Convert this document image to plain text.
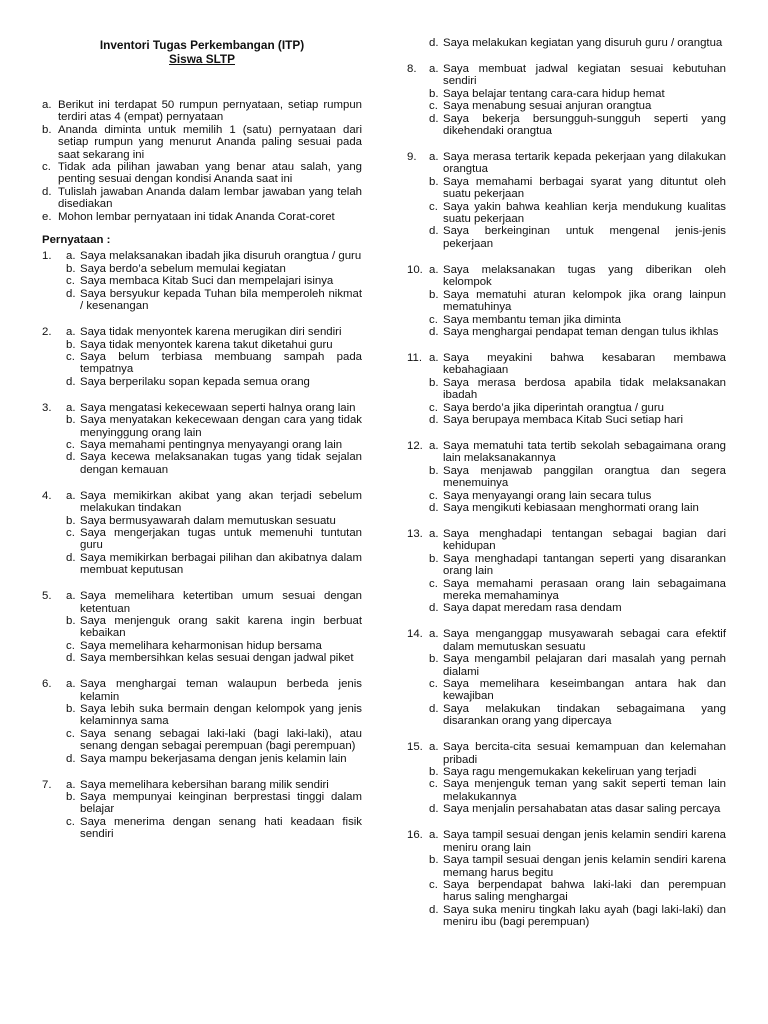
Inventori Tugas Perkembangan (ITP)
Siswa SLTP
a. Berikut ini terdapat 50 rumpun pernyataan, setiap rumpun terdiri atas 4 (empat) pernyataan
b. Ananda diminta untuk memilih 1 (satu) pernyataan dari setiap rumpun yang menurut Ananda paling sesuai pada saat sekarang ini
c. Tidak ada pilihan jawaban yang benar atau salah, yang penting sesuai dengan kondisi Ananda saat ini
d. Tulislah jawaban Ananda dalam lembar jawaban yang telah disediakan
e. Mohon lembar pernyataan ini tidak Ananda Corat-coret
Pernyataan :
1.	a. Saya melaksanakan ibadah jika disuruh orangtua / guru
b. Saya berdo’a sebelum memulai kegiatan
c. Saya membaca Kitab Suci dan mempelajari isinya
d. Saya bersyukur kepada Tuhan bila memperoleh nikmat / kesenangan
2.	a. Saya tidak menyontek karena merugikan diri sendiri
b. Saya tidak menyontek karena takut diketahui guru
c. Saya belum terbiasa membuang sampah pada tempatnya
d. Saya berperilaku sopan kepada semua orang
3.	a. Saya mengatasi kekecewaan seperti halnya orang lain
b. Saya menyatakan kekecewaan dengan cara yang tidak menyinggung orang lain
c. Saya memahami pentingnya menyayangi orang lain
d. Saya kecewa melaksanakan tugas yang tidak sejalan dengan kemauan
4.	a. Saya memikirkan akibat yang akan terjadi sebelum melakukan tindakan
b. Saya bermusyawarah dalam memutuskan sesuatu
c. Saya mengerjakan tugas untuk memenuhi tuntutan guru
d. Saya memikirkan berbagai pilihan dan akibatnya dalam membuat keputusan
5.	a. Saya memelihara ketertiban umum sesuai dengan ketentuan
b. Saya menjenguk orang sakit karena ingin berbuat kebaikan
c. Saya memelihara keharmonisan hidup bersama
d. Saya membersihkan kelas sesuai dengan jadwal piket
6.	a. Saya menghargai teman walaupun berbeda jenis kelamin
b. Saya lebih suka bermain dengan kelompok yang jenis kelaminnya sama
c. Saya senang sebagai laki-laki (bagi laki-laki), atau senang dengan sebagai perempuan (bagi perempuan)
d. Saya mampu bekerjasama dengan jenis kelamin lain
7.	a. Saya memelihara kebersihan barang milik sendiri
b. Saya mempunyai keinginan berprestasi tinggi dalam belajar
c. Saya menerima dengan senang hati keadaan fisik sendiri
d. Saya melakukan kegiatan yang disuruh guru / orangtua
8.	a. Saya membuat jadwal kegiatan sesuai kebutuhan sendiri
b. Saya belajar tentang cara-cara hidup hemat
c. Saya menabung sesuai anjuran orangtua
d. Saya bekerja bersungguh-sungguh seperti yang dikehendaki orangtua
9.	a. Saya merasa tertarik kepada pekerjaan yang dilakukan orangtua
b. Saya memahami berbagai syarat yang dituntut oleh suatu pekerjaan
c. Saya yakin bahwa keahlian kerja mendukung kualitas suatu pekerjaan
d. Saya berkeinginan untuk mengenal jenis-jenis pekerjaan
10. a. Saya melaksanakan tugas yang diberikan oleh kelompok
b. Saya mematuhi aturan kelompok jika orang lainpun mematuhinya
c. Saya membantu teman jika diminta
d. Saya menghargai pendapat teman dengan tulus ikhlas
11. a. Saya meyakini bahwa kesabaran membawa kebahagiaan
b. Saya merasa berdosa apabila tidak melaksanakan ibadah
c. Saya berdo’a jika diperintah orangtua / guru
d. Saya berupaya membaca Kitab Suci setiap hari
12. a. Saya mematuhi tata tertib sekolah sebagaimana orang lain melaksanakannya
b. Saya menjawab panggilan orangtua dan segera menemuinya
c. Saya menyayangi orang lain secara tulus
d. Saya mengikuti kebiasaan menghormati orang lain
13. a. Saya menghadapi tentangan sebagai bagian dari kehidupan
b. Saya menghadapi tantangan seperti yang disarankan orang lain
c. Saya memahami perasaan orang lain sebagaimana mereka memahaminya
d. Saya dapat meredam rasa dendam
14. a. Saya menganggap musyawarah sebagai cara efektif dalam memutuskan sesuatu
b. Saya mengambil pelajaran dari masalah yang pernah dialami
c. Saya memelihara keseimbangan antara hak dan kewajiban
d. Saya melakukan tindakan sebagaimana yang disarankan orang yang dipercaya
15. a. Saya bercita-cita sesuai kemampuan dan kelemahan pribadi
b. Saya ragu mengemukakan kekeliruan yang terjadi
c. Saya menjenguk teman yang sakit seperti teman lain melakukannya
d. Saya menjalin persahabatan atas dasar saling percaya
16. a. Saya tampil sesuai dengan jenis kelamin sendiri karena meniru orang lain
b. Saya tampil sesuai dengan jenis kelamin sendiri karena memang harus begitu
c. Saya berpendapat bahwa laki-laki dan perempuan harus saling menghargai
d. Saya suka meniru tingkah laku ayah (bagi laki-laki) dan meniru ibu (bagi perempuan)
